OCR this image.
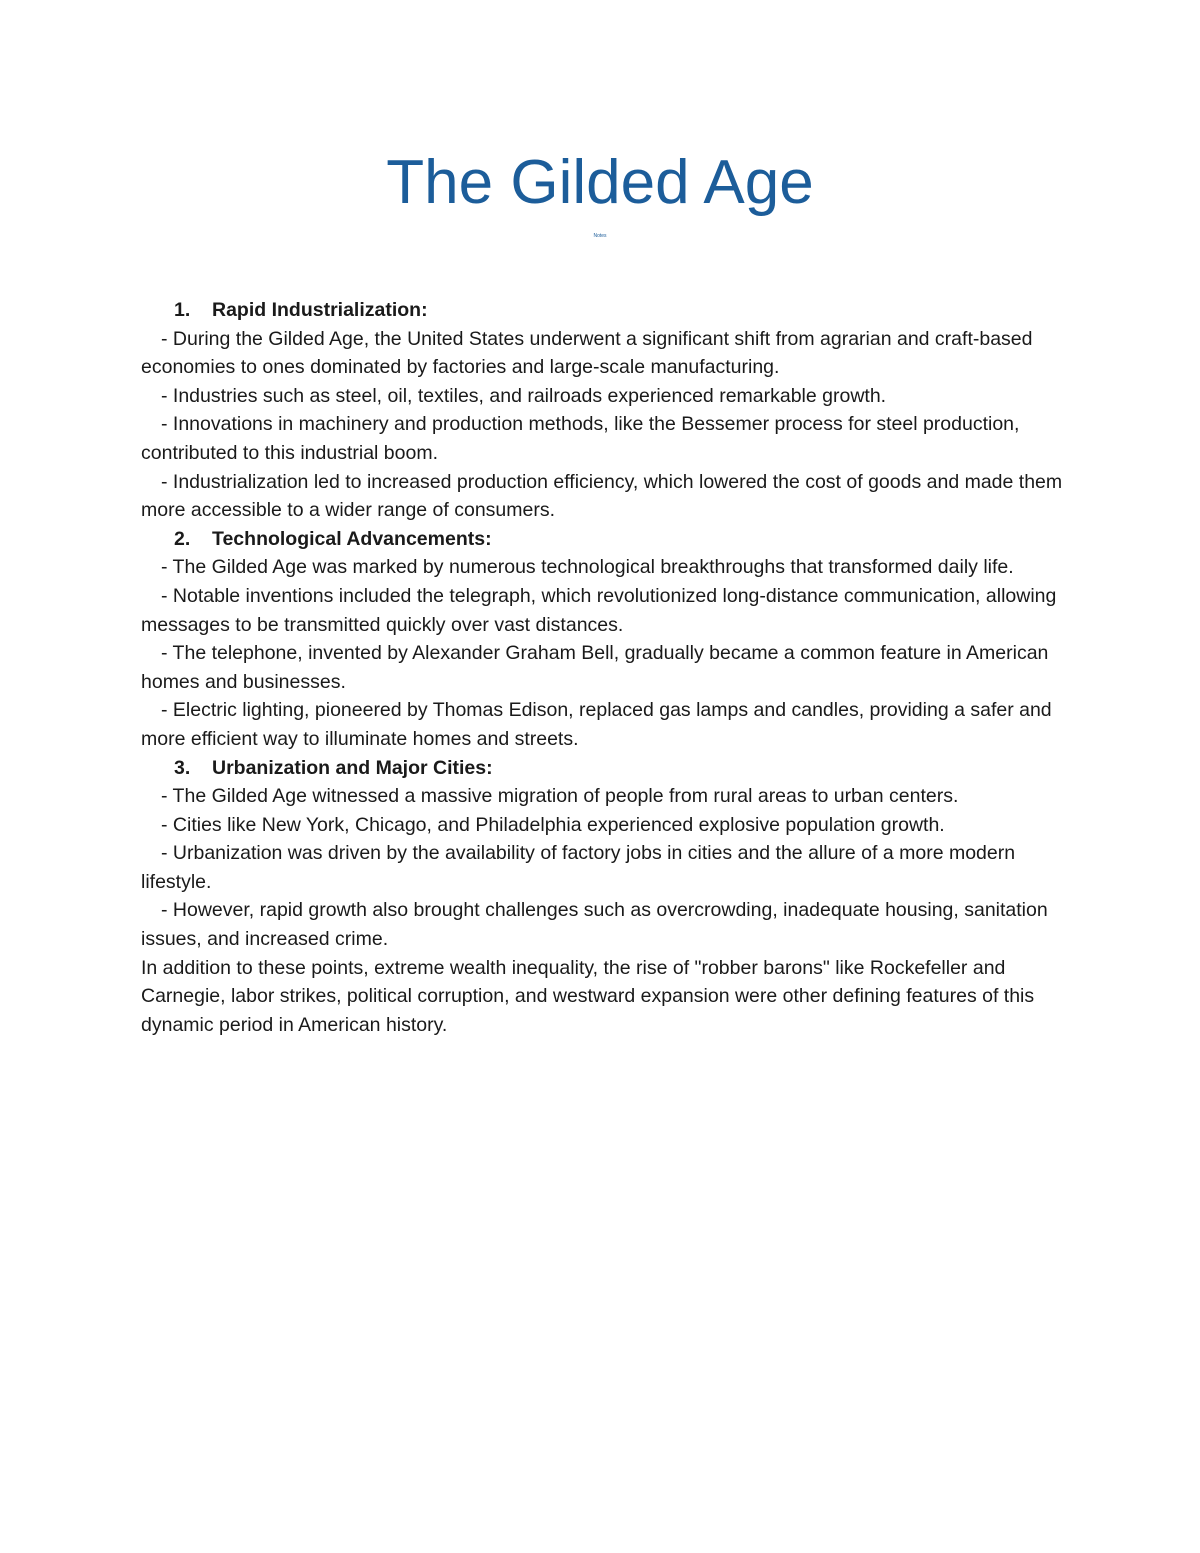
The Gilded Age
Notes

1. Rapid Industrialization:

- During the Gilded Age, the United States underwent a significant shift from agrarian and craft-based economies to ones dominated by factories and large-scale manufacturing.

- Industries such as steel, oil, textiles, and railroads experienced remarkable growth.

- Innovations in machinery and production methods, like the Bessemer process for steel production, contributed to this industrial boom.

- Industrialization led to increased production efficiency, which lowered the cost of goods and made them more accessible to a wider range of consumers.

2. Technological Advancements:

- The Gilded Age was marked by numerous technological breakthroughs that transformed daily life.

- Notable inventions included the telegraph, which revolutionized long-distance communication, allowing messages to be transmitted quickly over vast distances.

- The telephone, invented by Alexander Graham Bell, gradually became a common feature in American homes and businesses.

- Electric lighting, pioneered by Thomas Edison, replaced gas lamps and candles, providing a safer and more efficient way to illuminate homes and streets.

3. Urbanization and Major Cities:

- The Gilded Age witnessed a massive migration of people from rural areas to urban centers.

- Cities like New York, Chicago, and Philadelphia experienced explosive population growth.

- Urbanization was driven by the availability of factory jobs in cities and the allure of a more modern lifestyle.

- However, rapid growth also brought challenges such as overcrowding, inadequate housing, sanitation issues, and increased crime.

In addition to these points, extreme wealth inequality, the rise of "robber barons" like Rockefeller and Carnegie, labor strikes, political corruption, and westward expansion were other defining features of this dynamic period in American history.
